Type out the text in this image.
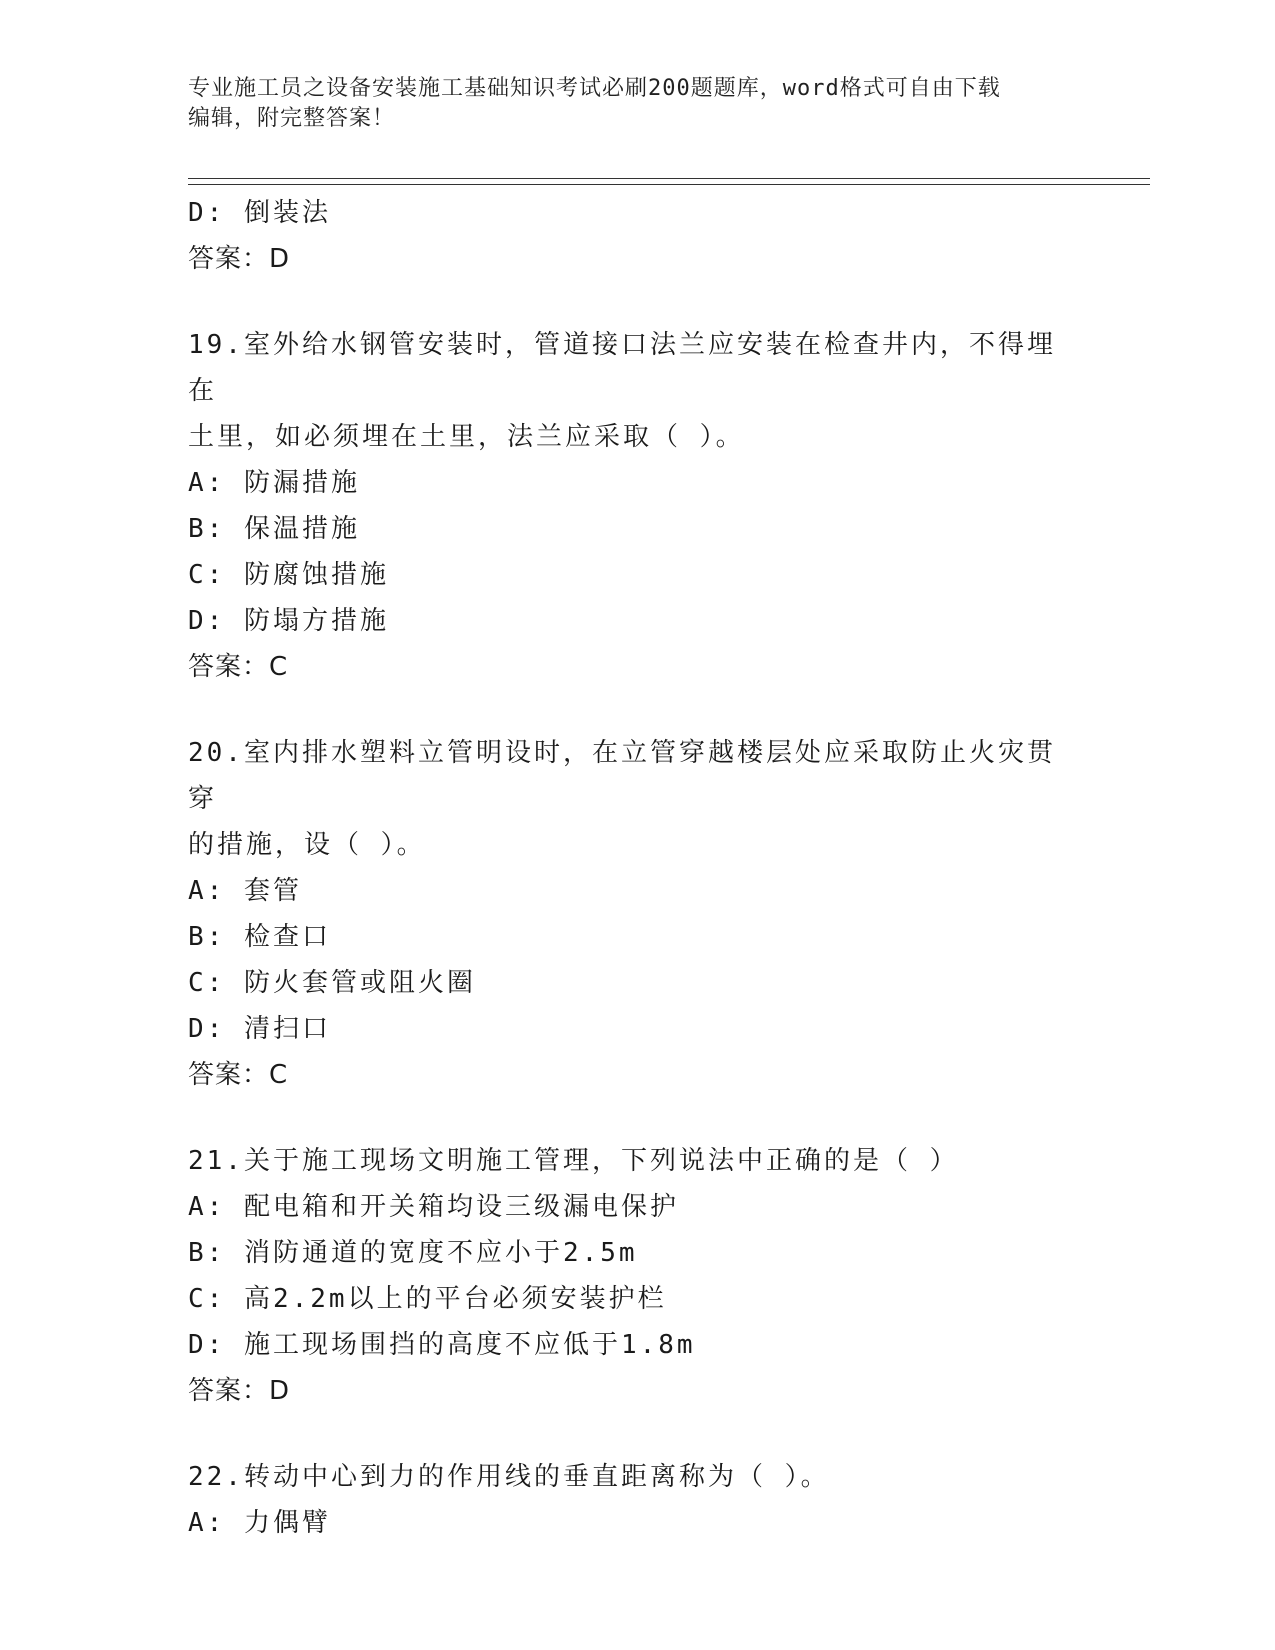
专业施工员之设备安装施工基础知识考试必刷200题题库，word格式可自由下载
编辑，附完整答案！
D: 倒装法
答案：D
19.室外给水钢管安装时，管道接口法兰应安装在检查井内，不得埋在
土里，如必须埋在土里，法兰应采取（ ）。
A: 防漏措施
B: 保温措施
C: 防腐蚀措施
D: 防塌方措施
答案：C
20.室内排水塑料立管明设时，在立管穿越楼层处应采取防止火灾贯穿
的措施，设（ ）。
A: 套管
B: 检查口
C: 防火套管或阻火圈
D: 清扫口
答案：C
21.关于施工现场文明施工管理，下列说法中正确的是（ ）
A: 配电箱和开关箱均设三级漏电保护
B: 消防通道的宽度不应小于2.5m
C: 高2.2m以上的平台必须安装护栏
D: 施工现场围挡的高度不应低于1.8m
答案：D
22.转动中心到力的作用线的垂直距离称为（ ）。
A: 力偶臂
